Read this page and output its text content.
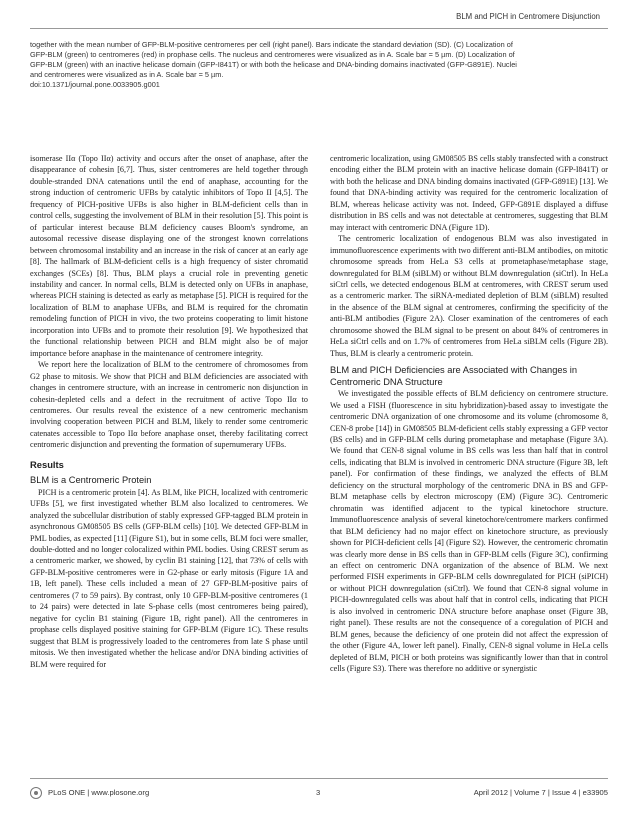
BLM and PICH in Centromere Disjunction

together with the mean number of GFP-BLM-positive centromeres per cell (right panel). Bars indicate the standard deviation (SD). (C) Localization of

GFP-BLM (green) to centromeres (red) in prophase cells. The nucleus and centromeres were visualized as in A. Scale bar = 5 µm. (D) Localization of

GFP-BLM (green) with an inactive helicase domain (GFP-I841T) or with both the helicase and DNA-binding domains inactivated (GFP-G891E). Nuclei

and centromeres were visualized as in A. Scale bar = 5 µm.

doi:10.1371/journal.pone.0033905.g001

isomerase IIα (Topo IIα) activity and occurs after the onset of anaphase, after the disappearance of cohesin [6,7]. Thus, sister centromeres are held together through double-stranded DNA catenations until the end of anaphase, accounting for the strong induction of centromeric UFBs by catalytic inhibitors of Topo II [4,5]. The frequency of PICH-positive UFBs is also higher in BLM-deficient cells than in control cells, suggesting the involvement of BLM in their resolution [5]. This point is of particular interest because BLM deficiency causes Bloom's syndrome, an autosomal recessive disease displaying one of the strongest known correlations between chromosomal instability and an increase in the risk of cancer at an early age [8]. The hallmark of BLM-deficient cells is a high frequency of sister chromatid exchanges (SCEs) [8]. Thus, BLM plays a crucial role in preventing genetic instability and cancer. In normal cells, BLM is detected only on UFBs in anaphase, whereas PICH staining is detected as early as metaphase [5]. PICH is required for the localization of BLM to anaphase UFBs, and BLM is required for the chromatin remodeling function of PICH in vivo, the two proteins cooperating to limit histone incorporation into UFBs and to promote their resolution [9]. We hypothesized that the functional relationship between PICH and BLM might also be of major importance before anaphase in the maintenance of centromere integrity.

We report here the localization of BLM to the centromere of chromosomes from G2 phase to mitosis. We show that PICH and BLM deficiencies are associated with changes in centromere structure, with an increase in centromeric non disjunction in cohesin-depleted cells and a defect in the recruitment of active Topo IIα to centromeres. Our results reveal the existence of a new centromeric mechanism involving cooperation between PICH and BLM, likely to render some centromeric catenates accessible to Topo IIα before anaphase onset, thereby facilitating correct centromeric disjunction and preventing the formation of supernumerary UFBs.

Results
BLM is a Centromeric Protein

PICH is a centromeric protein [4]. As BLM, like PICH, localized with centromeric UFBs [5], we first investigated whether BLM also localized to centromeres. We analyzed the subcellular distribution of stably expressed GFP-tagged BLM protein in asynchronous GM08505 BS cells (GFP-BLM cells) [10]. We detected GFP-BLM in PML bodies, as expected [11] (Figure S1), but in some cells, BLM foci were smaller, double-dotted and no longer colocalized within PML bodies. Using CREST serum as a centromeric marker, we showed, by cyclin B1 staining [12], that 73% of cells with GFP-BLM-positive centromeres were in G2-phase or early mitosis (Figure 1A and 1B, left panel). These cells included a mean of 27 GFP-BLM-positive pairs of centromeres (7 to 59 pairs). By contrast, only 10 GFP-BLM-positive centromeres (1 to 24 pairs) were detected in late S-phase cells (most centromeres being paired), negative for cyclin B1 staining (Figure 1B, right panel). All the centromeres in prophase cells displayed positive staining for GFP-BLM (Figure 1C). These results suggest that BLM is progressively loaded to the centromeres from late S phase until mitosis. We then investigated whether the helicase and/or DNA binding activities of BLM were required for

centromeric localization, using GM08505 BS cells stably transfected with a construct encoding either the BLM protein with an inactive helicase domain (GFP-I841T) or with both the helicase and DNA binding domains inactivated (GFP-G891E) [13]. We found that DNA-binding activity was required for the centromeric localization of BLM, whereas helicase activity was not. Indeed, GFP-G891E displayed a diffuse distribution in BS cells and was not detectable at centromeres, suggesting that BLM may interact with centromeric DNA (Figure 1D).

The centromeric localization of endogenous BLM was also investigated in immunofluorescence experiments with two different anti-BLM antibodies, on mitotic chromosome spreads from HeLa S3 cells at prometaphase/metaphase stage, downregulated for BLM (siBLM) or without BLM downregulation (siCtrl). In HeLa siCtrl cells, we detected endogenous BLM at centromeres, with CREST serum used as a centromeric marker. The siRNA-mediated depletion of BLM (siBLM) resulted in the absence of the BLM signal at centromeres, confirming the specificity of the anti-BLM antibodies (Figure 2A). Closer examination of the centromeres of each chromosome showed the BLM signal to be present on about 84% of centromeres in HeLa siCtrl cells and on 1.7% of centromeres from HeLa siBLM cells (Figure 2B). Thus, BLM is clearly a centromeric protein.

BLM and PICH Deficiencies are Associated with Changes in Centromeric DNA Structure

We investigated the possible effects of BLM deficiency on centromere structure. We used a FISH (fluorescence in situ hybridization)-based assay to investigate the centromeric DNA organization of one chromosome and its volume (chromosome 8, CEN-8 probe [14]) in GM08505 BLM-deficient cells stably expressing a GFP vector (BS cells) and in GFP-BLM cells during prometaphase and metaphase (Figure 3A). We found that CEN-8 signal volume in BS cells was less than half that in control cells, indicating that BLM is involved in centromeric DNA structure (Figure 3B, left panel). For confirmation of these findings, we analyzed the effects of BLM deficiency on the structural morphology of the centromeric DNA in BS and GFP-BLM metaphase cells by electron microscopy (EM) (Figure 3C). Centromeric chromatin was identified adjacent to the typical kinetochore structure. Immunofluorescence analysis of several kinetochore/centromere markers confirmed that BLM deficiency had no major effect on kinetochore structure, as previously shown for PICH-deficient cells [4] (Figure S2). However, the centromeric chromatin was clearly more dense in BS cells than in GFP-BLM cells (Figure 3C), confirming an effect on centromeric DNA organization of the absence of BLM. We next performed FISH experiments in GFP-BLM cells downregulated for PICH (siPICH) or without PICH downregulation (siCtrl). We found that CEN-8 signal volume in PICH-downregulated cells was about half that in control cells, indicating that PICH is also involved in centromeric DNA structure before anaphase onset (Figure 3B, right panel). These results are not the consequence of a coregulation of PICH and BLM genes, because the deficiency of one protein did not affect the expression of the other (Figure 4A, lower left panel). Finally, CEN-8 signal volume in HeLa cells depleted of BLM, PICH or both proteins was significantly lower than that in control cells (Figure S3). There was therefore no additive or synergistic

PLoS ONE | www.plosone.org	3	April 2012 | Volume 7 | Issue 4 | e33905
